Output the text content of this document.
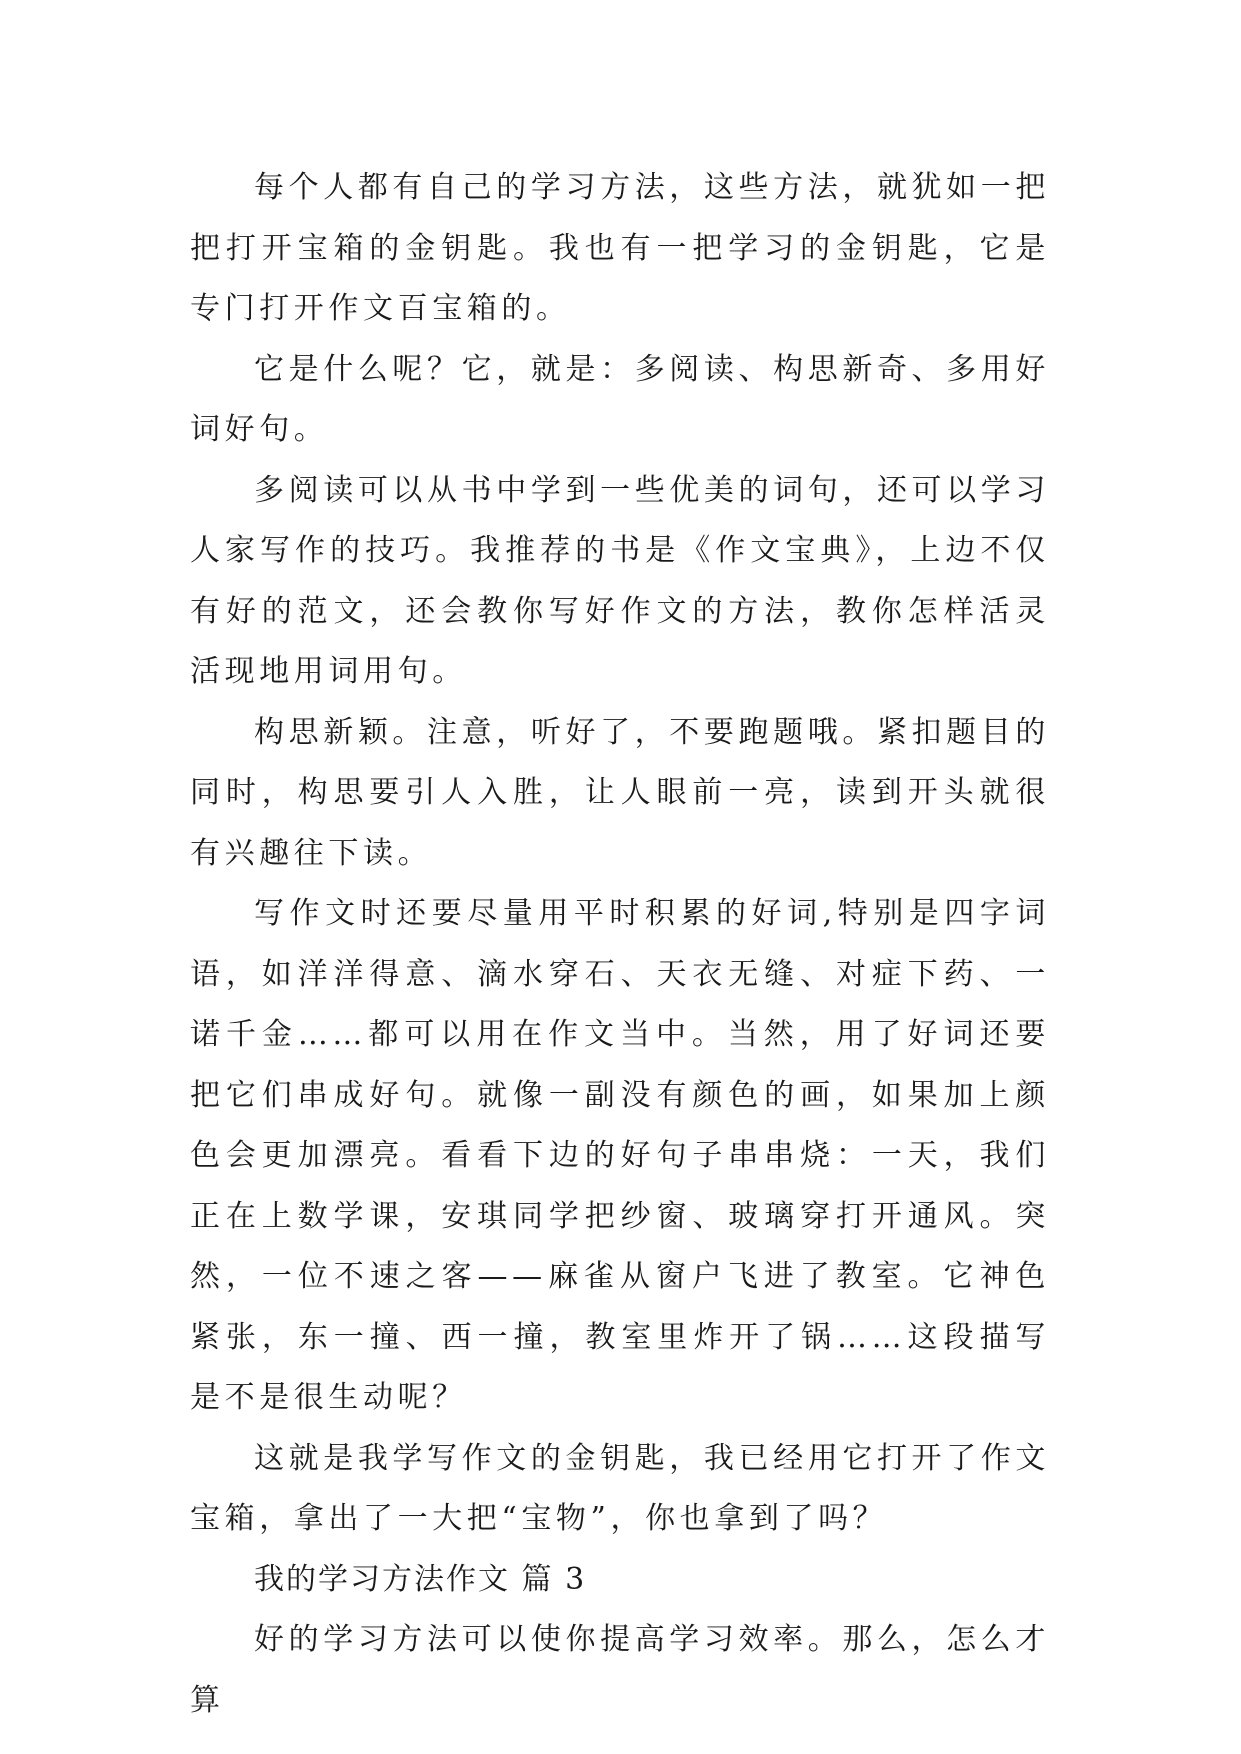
每个人都有自己的学习方法，这些方法，就犹如一把把打开宝箱的金钥匙。我也有一把学习的金钥匙，它是专门打开作文百宝箱的。

它是什么呢？它，就是：多阅读、构思新奇、多用好词好句。

多阅读可以从书中学到一些优美的词句，还可以学习人家写作的技巧。我推荐的书是《作文宝典》，上边不仅有好的范文，还会教你写好作文的方法，教你怎样活灵活现地用词用句。

构思新颖。注意，听好了，不要跑题哦。紧扣题目的同时，构思要引人入胜，让人眼前一亮，读到开头就很有兴趣往下读。

写作文时还要尽量用平时积累的好词,特别是四字词语，如洋洋得意、滴水穿石、天衣无缝、对症下药、一诺千金……都可以用在作文当中。当然，用了好词还要把它们串成好句。就像一副没有颜色的画，如果加上颜色会更加漂亮。看看下边的好句子串串烧：一天，我们正在上数学课，安琪同学把纱窗、玻璃穿打开通风。突然，一位不速之客——麻雀从窗户飞进了教室。它神色紧张，东一撞、西一撞，教室里炸开了锅……这段描写是不是很生动呢？

这就是我学写作文的金钥匙，我已经用它打开了作文宝箱，拿出了一大把“宝物”，你也拿到了吗？

我的学习方法作文 篇 3

好的学习方法可以使你提高学习效率。那么，怎么才算
